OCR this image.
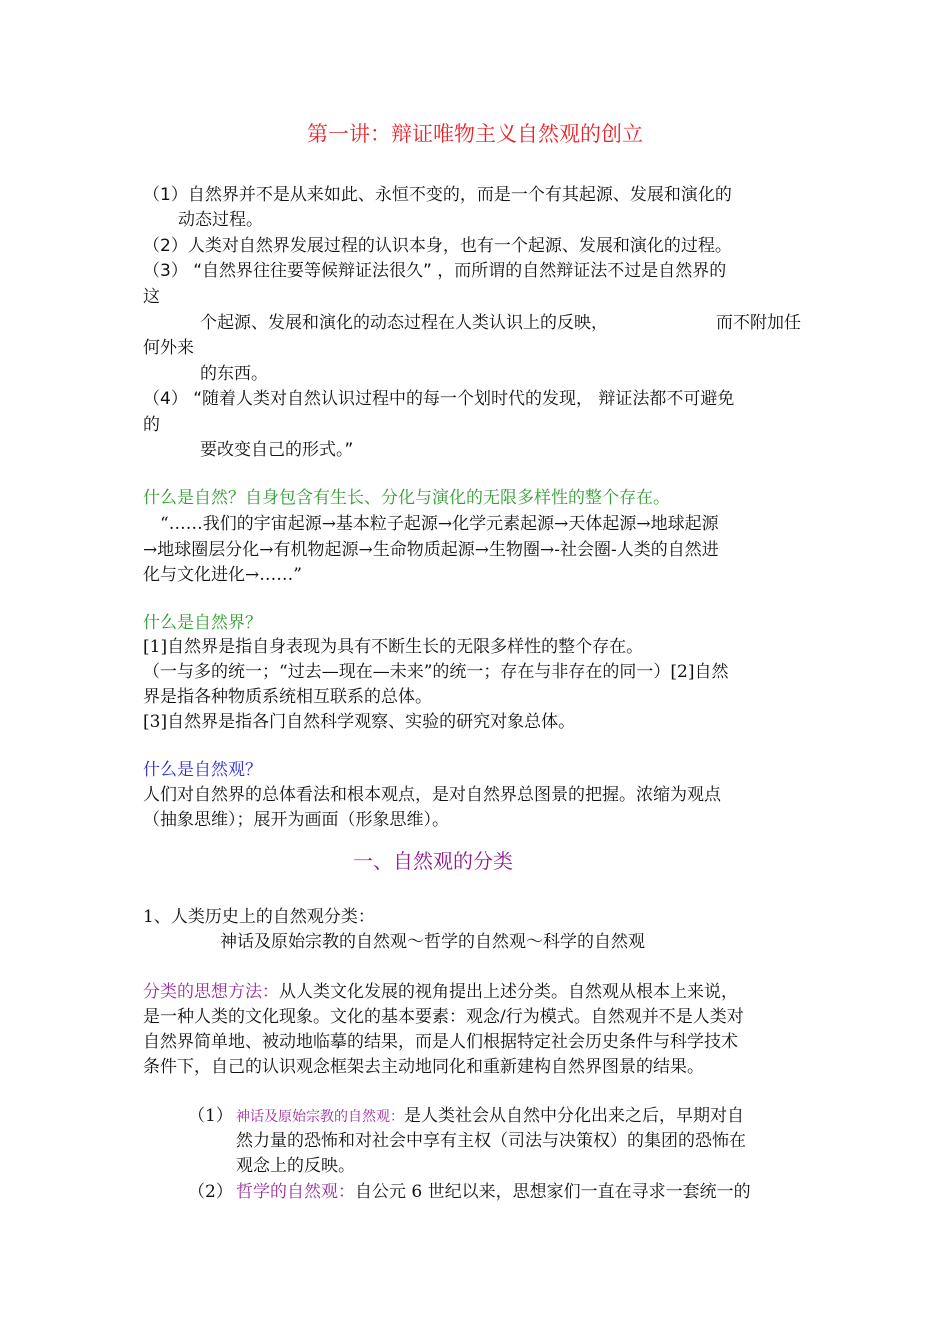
第一讲：辩证唯物主义自然观的创立
（1）自然界并不是从来如此、永恒不变的，而是一个有其起源、发展和演化的
动态过程。
（2）人类对自然界发展过程的认识本身，也有一个起源、发展和演化的过程。
（3） “自然界往往要等候辩证法很久” ，而所谓的自然辩证法不过是自然界的
这
个起源、发展和演化的动态过程在人类认识上的反映，	而不附加任
何外来
的东西。
（4） “随着人类对自然认识过程中的每一个划时代的发现， 辩证法都不可避免
的
要改变自己的形式。”
什么是自然？自身包含有生长、分化与演化的无限多样性的整个存在。
“……我们的宇宙起源→基本粒子起源→化学元素起源→天体起源→地球起源
→地球圈层分化→有机物起源→生命物质起源→生物圈→-社会圈-人类的自然进
化与文化进化→……”
什么是自然界？
[1]自然界是指自身表现为具有不断生长的无限多样性的整个存在。
（一与多的统一；“过去—现在—未来”的统一；存在与非存在的同一）[2]自然
界是指各种物质系统相互联系的总体。
[3]自然界是指各门自然科学观察、实验的研究对象总体。
什么是自然观？
人们对自然界的总体看法和根本观点，是对自然界总图景的把握。浓缩为观点
（抽象思维）；展开为画面（形象思维）。
一、自然观的分类
1、人类历史上的自然观分类：
神话及原始宗教的自然观～哲学的自然观～科学的自然观
分类的思想方法：从人类文化发展的视角提出上述分类。自然观从根本上来说，
是一种人类的文化现象。文化的基本要素：观念/行为模式。自然观并不是人类对
自然界简单地、被动地临摹的结果，而是人们根据特定社会历史条件与科学技术
条件下，自己的认识观念框架去主动地同化和重新建构自然界图景的结果。
（1） 神话及原始宗教的自然观：是人类社会从自然中分化出来之后，早期对自
然力量的恐怖和对社会中享有主权（司法与决策权）的集团的恐怖在
观念上的反映。
（2） 哲学的自然观：自公元 6 世纪以来，思想家们一直在寻求一套统一的
